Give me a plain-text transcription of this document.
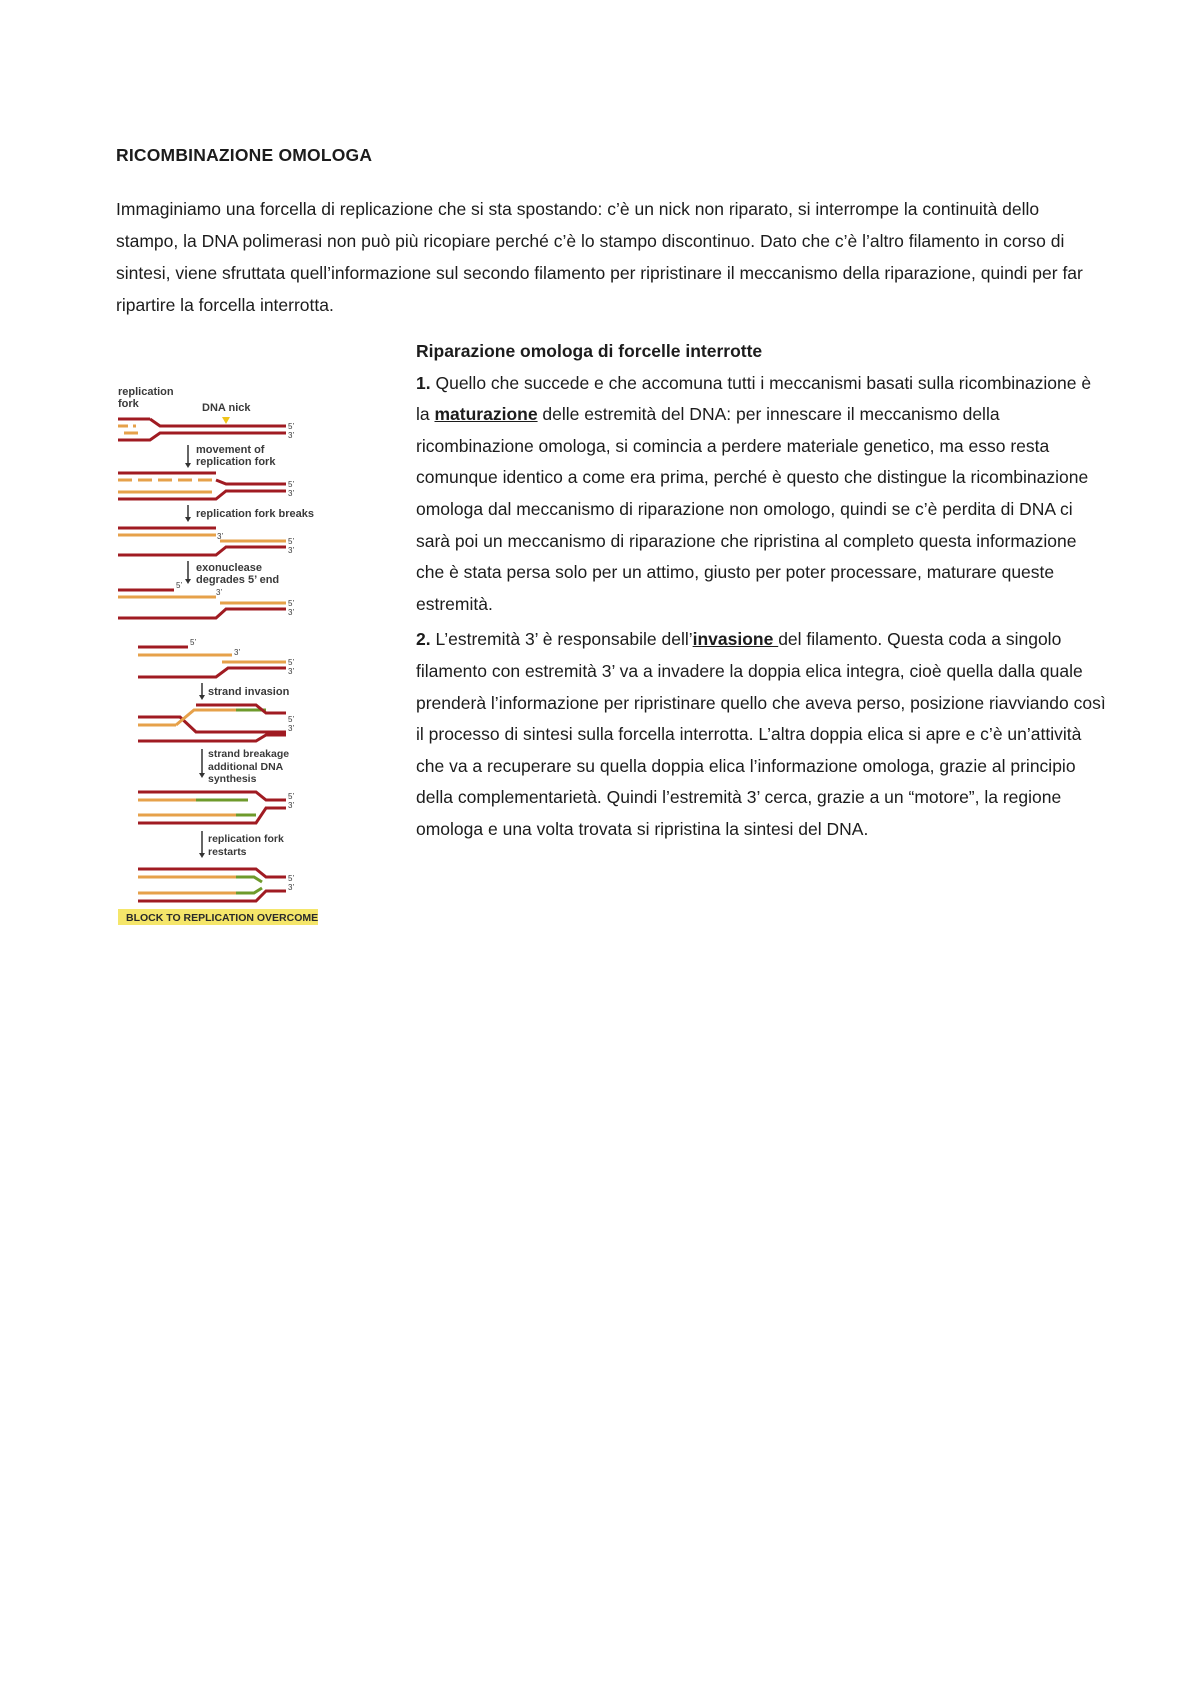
RICOMBINAZIONE OMOLOGA

Immaginiamo una forcella di replicazione che si sta spostando: c’è un nick non riparato, si interrompe la continuità dello stampo, la DNA polimerasi non può più ricopiare perché c’è lo stampo discontinuo. Dato che c’è l’altro filamento in corso di sintesi, viene sfruttata quell’informazione sul secondo filamento per ripristinare il meccanismo della riparazione, quindi per far ripartire la forcella interrotta.

replication
fork	DNA nick
5’
3’
movement of
replication fork
5’
3’
replication fork breaks
3’
5’
3’
exonuclease
degrades 5’ end
5’
3’
5’
3’
5’
3’
5’
3’
strand invasion
5’
3’
strand breakage
additional DNA
synthesis
5’
3’
replication fork
restarts
5’
3’
BLOCK TO REPLICATION OVERCOME
Riparazione omologa di forcelle interrotte

1. Quello che succede e che accomuna tutti i meccanismi basati sulla ricombinazione è la maturazione delle estremità del DNA: per innescare il meccanismo della ricombinazione omologa, si comincia a perdere materiale genetico, ma esso resta comunque identico a come era prima, perché è questo che distingue la ricombinazione omologa dal meccanismo di riparazione non omologo, quindi se c’è perdita di DNA ci sarà poi un meccanismo di riparazione che ripristina al completo questa informazione che è stata persa solo per un attimo, giusto per poter processare, maturare queste estremità.

2. L’estremità 3’ è responsabile dell’invasione del filamento. Questa coda a singolo filamento con estremità 3’ va a invadere la doppia elica integra, cioè quella dalla quale prenderà l’informazione per ripristinare quello che aveva perso, posizione riavviando così il processo di sintesi sulla forcella interrotta. L’altra doppia elica si apre e c’è un’attività che va a recuperare su quella doppia elica l’informazione omologa, grazie al principio della complementarietà. Quindi l’estremità 3’ cerca, grazie a un “motore”, la regione omologa e una volta trovata si ripristina la sintesi del DNA.
